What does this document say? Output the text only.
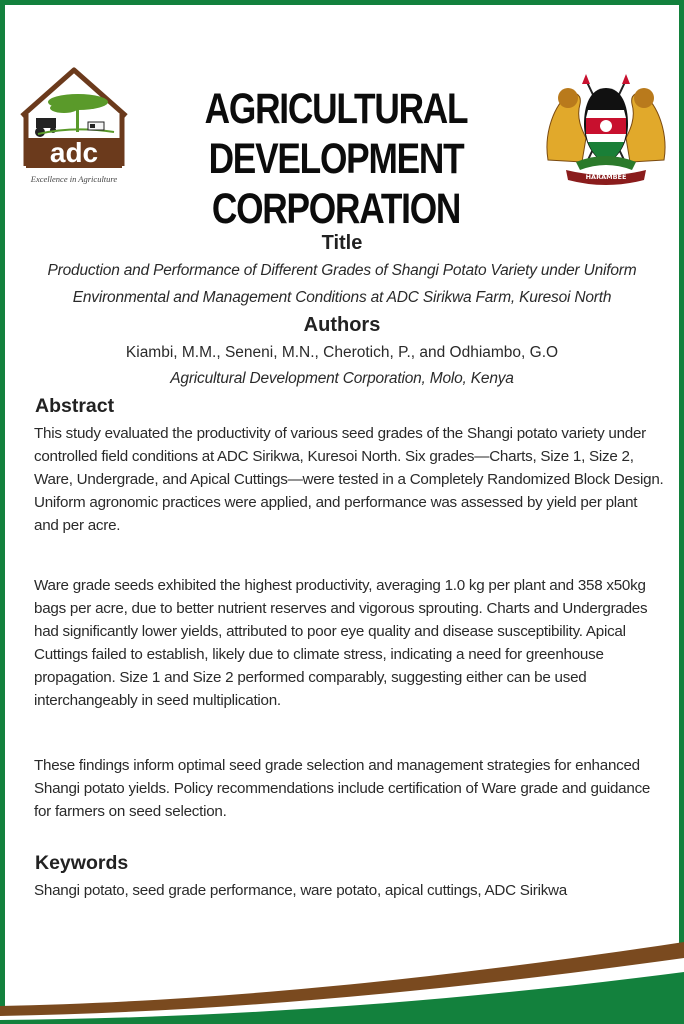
adc
Excellence in Agriculture
AGRICULTURAL DEVELOPMENT CORPORATION
HARAMBEE
Title
Production and Performance of Different Grades of Shangi Potato Variety under Uniform
Environmental and Management Conditions at ADC Sirikwa Farm, Kuresoi North
Authors
Kiambi, M.M., Seneni, M.N., Cherotich, P., and Odhiambo, G.O
Agricultural Development Corporation, Molo, Kenya
Abstract
This study evaluated the productivity of various seed grades of the Shangi potato variety under controlled field conditions at ADC Sirikwa, Kuresoi North. Six grades—Charts, Size 1, Size 2, Ware, Undergrade, and Apical Cuttings—were tested in a Completely Randomized Block Design. Uniform agronomic practices were applied, and performance was assessed by yield per plant and per acre.
Ware grade seeds exhibited the highest productivity, averaging 1.0 kg per plant and 358 x50kg bags per acre, due to better nutrient reserves and vigorous sprouting. Charts and Undergrades had significantly lower yields, attributed to poor eye quality and disease susceptibility. Apical Cuttings failed to establish, likely due to climate stress, indicating a need for greenhouse propagation. Size 1 and Size 2 performed comparably, suggesting either can be used interchangeably in seed multiplication.
These findings inform optimal seed grade selection and management strategies for enhanced Shangi potato yields. Policy recommendations include certification of Ware grade and guidance for farmers on seed selection.
Keywords
Shangi potato, seed grade performance, ware potato, apical cuttings, ADC Sirikwa
